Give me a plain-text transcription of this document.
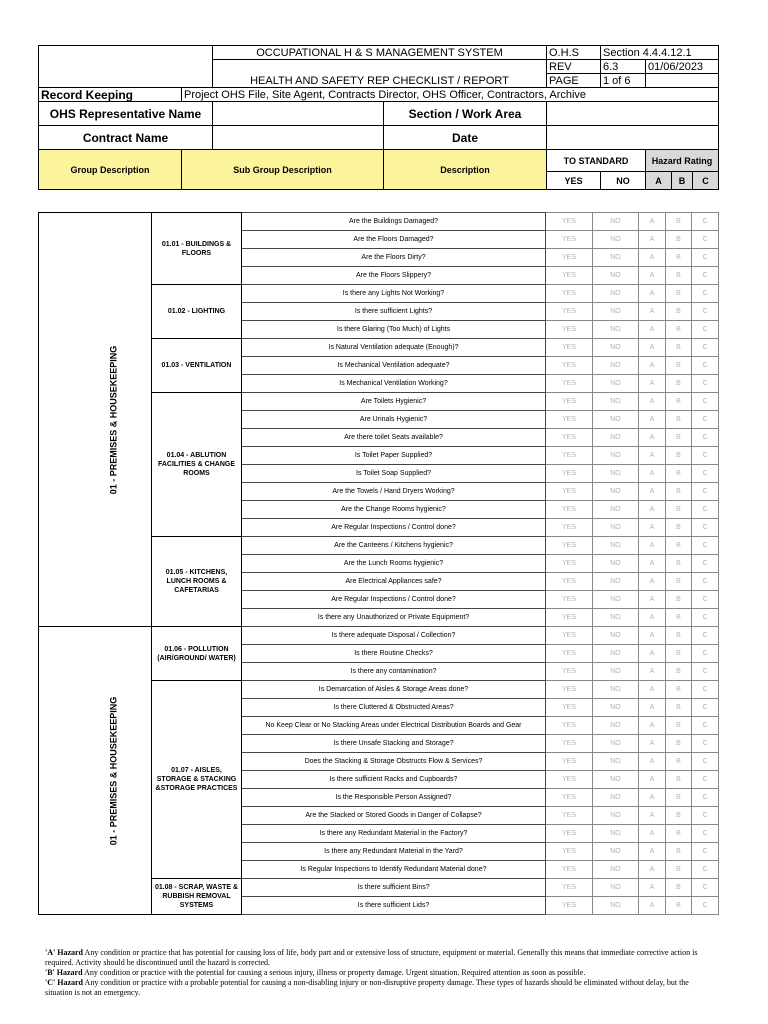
		OCCUPATIONAL H & S MANAGEMENT SYSTEM		O.H.S	Section 4.4.4.12.1			
		HEALTH AND SAFETY REP CHECKLIST / REPORT		REV	6.3	01/06/2023		
				PAGE	1 of 6			
Record Keeping	Project OHS File, Site Agent, Contracts Director, OHS Officer, Contractors, Archive							
OHS Representative Name			Section / Work Area					
Contract Name			Date					
Group Description	Sub Group Description		Description	TO STANDARD		Hazard Rating		
				YES	NO	A	B	C
01 - PREMISES & HOUSEKEEPING	01.01 - BUILDINGS & FLOORS	Are the Buildings Damaged?	YES	NO	A	B	C
		Are the Floors Damaged?	YES	NO	A	B	C
		Are the Floors Dirty?	YES	NO	A	B	C
		Are the Floors Slippery?	YES	NO	A	B	C
	01.02 - LIGHTING	Is there any Lights Not Working?	YES	NO	A	B	C
		Is there sufficient Lights?	YES	NO	A	B	C
		Is there Glaring (Too Much) of Lights	YES	NO	A	B	C
	01.03 - VENTILATION	Is Natural Ventilation adequate (Enough)?	YES	NO	A	B	C
		Is Mechanical Ventilation adequate?	YES	NO	A	B	C
		Is Mechanical Ventilation Working?	YES	NO	A	B	C
	01.04 - ABLUTION FACILITIES & CHANGE ROOMS	Are Toilets Hygienic?	YES	NO	A	B	C
		Are Urinals Hygienic?	YES	NO	A	B	C
		Are there toilet Seats available?	YES	NO	A	B	C
		Is Toilet Paper Supplied?	YES	NO	A	B	C
		Is Toilet Soap Supplied?	YES	NO	A	B	C
		Are the Towels / Hand Dryers Working?	YES	NO	A	B	C
		Are the Change Rooms hygienic?	YES	NO	A	B	C
		Are Regular Inspections / Control done?	YES	NO	A	B	C
	01.05 - KITCHENS, LUNCH ROOMS & CAFETARIAS	Are the Canteens / Kitchens hygienic?	YES	NO	A	B	C
		Are the Lunch Rooms hygienic?	YES	NO	A	B	C
		Are Electrical Appliances safe?	YES	NO	A	B	C
		Are Regular Inspections / Control done?	YES	NO	A	B	C
		Is there any Unauthorized or Private Equipment?	YES	NO	A	B	C
01 - PREMISES & HOUSEKEEPING	01.06 - POLLUTION (AIR/GROUND/ WATER)	Is there adequate Disposal / Collection?	YES	NO	A	B	C
		Is there Routine Checks?	YES	NO	A	B	C
		Is there any contamination?	YES	NO	A	B	C
	01.07 - AISLES, STORAGE & STACKING &STORAGE PRACTICES	Is Demarcation of Aisles & Storage Areas done?	YES	NO	A	B	C
		Is there Cluttered & Obstructed Areas?	YES	NO	A	B	C
		No Keep Clear or No Stacking Areas under Electrical Distribution Boards and Gear	YES	NO	A	B	C
		Is there Unsafe Stacking and Storage?	YES	NO	A	B	C
		Does the Stacking & Storage Obstructs Flow & Services?	YES	NO	A	B	C
		Is there sufficient Racks and Cupboards?	YES	NO	A	B	C
		Is the Responsible Person Assigned?	YES	NO	A	B	C
		Are the Stacked or Stored Goods in Danger of Collapse?	YES	NO	A	B	C
		Is there any Redundant Material in the Factory?	YES	NO	A	B	C
		Is there any Redundant Material in the Yard?	YES	NO	A	B	C
		Is Regular Inspections to Identify Redundant Material done?	YES	NO	A	B	C
	01.08 - SCRAP, WASTE & RUBBISH REMOVAL SYSTEMS	Is there sufficient Bins?	YES	NO	A	B	C
		Is there sufficient Lids?	YES	NO	A	B	C

'A' Hazard Any condition or practice that has potential for causing loss of life, body part and or extensive loss of structure, equipment or material. Generally this means that immediate corrective action is required. Activity should be discontinued until the hazard is corrected.

'B' Hazard Any condition or practice with the potential for causing a serious injury, illness or property damage. Urgent situation. Required attention as soon as possible.

'C' Hazard Any condition or practice with a probable potential for causing a non-disabling injury or non-disruptive property damage. These types of hazards should be eliminated without delay, but the situation is not an emergency.
